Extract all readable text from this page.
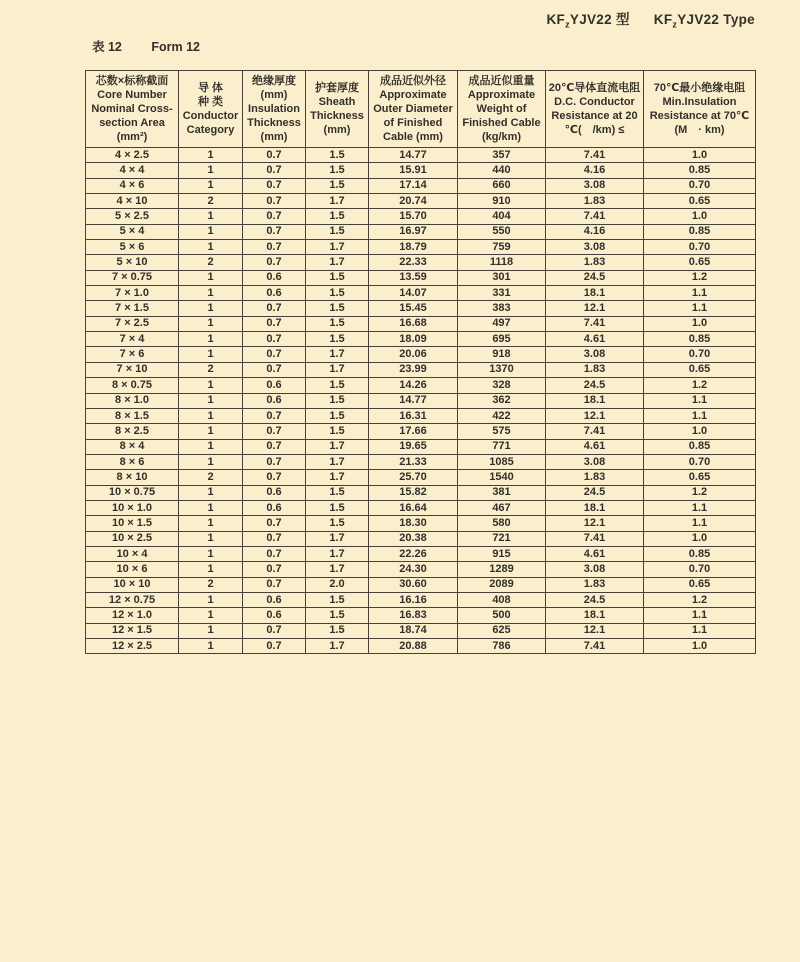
$KF_zYJV22$ 型 $KF_zYJV22$ Type
表 12 Form 12
芯数×标称截面
Core Number
Nominal Cross-
section Area
(mm²)

导 体
种 类
Conductor
Category

绝缘厚度
(mm)
Insulation
Thickness
(mm)

护套厚度
Sheath
Thickness
(mm)

成品近似外径
Approximate
Outer Diameter
of Finished
Cable (mm)

成品近似重量
Approximate
Weight of
Finished Cable
(kg/km)

20℃导体直流电阻
D.C. Conductor
Resistance at 20
℃(　/km) ≤

70℃最小绝缘电阻
Min.Insulation
Resistance at 70℃
(M　· km)

4 × 2.5	1	0.7	1.5	14.77	357	7.41	1.0
4 × 4	1	0.7	1.5	15.91	440	4.16	0.85
4 × 6	1	0.7	1.5	17.14	660	3.08	0.70
4 × 10	2	0.7	1.7	20.74	910	1.83	0.65
5 × 2.5	1	0.7	1.5	15.70	404	7.41	1.0
5 × 4	1	0.7	1.5	16.97	550	4.16	0.85
5 × 6	1	0.7	1.7	18.79	759	3.08	0.70
5 × 10	2	0.7	1.7	22.33	1118	1.83	0.65
7 × 0.75	1	0.6	1.5	13.59	301	24.5	1.2
7 × 1.0	1	0.6	1.5	14.07	331	18.1	1.1
7 × 1.5	1	0.7	1.5	15.45	383	12.1	1.1
7 × 2.5	1	0.7	1.5	16.68	497	7.41	1.0
7 × 4	1	0.7	1.5	18.09	695	4.61	0.85
7 × 6	1	0.7	1.7	20.06	918	3.08	0.70
7 × 10	2	0.7	1.7	23.99	1370	1.83	0.65
8 × 0.75	1	0.6	1.5	14.26	328	24.5	1.2
8 × 1.0	1	0.6	1.5	14.77	362	18.1	1.1
8 × 1.5	1	0.7	1.5	16.31	422	12.1	1.1
8 × 2.5	1	0.7	1.5	17.66	575	7.41	1.0
8 × 4	1	0.7	1.7	19.65	771	4.61	0.85
8 × 6	1	0.7	1.7	21.33	1085	3.08	0.70
8 × 10	2	0.7	1.7	25.70	1540	1.83	0.65
10 × 0.75	1	0.6	1.5	15.82	381	24.5	1.2
10 × 1.0	1	0.6	1.5	16.64	467	18.1	1.1
10 × 1.5	1	0.7	1.5	18.30	580	12.1	1.1
10 × 2.5	1	0.7	1.7	20.38	721	7.41	1.0
10 × 4	1	0.7	1.7	22.26	915	4.61	0.85
10 × 6	1	0.7	1.7	24.30	1289	3.08	0.70
10 × 10	2	0.7	2.0	30.60	2089	1.83	0.65
12 × 0.75	1	0.6	1.5	16.16	408	24.5	1.2
12 × 1.0	1	0.6	1.5	16.83	500	18.1	1.1
12 × 1.5	1	0.7	1.5	18.74	625	12.1	1.1
12 × 2.5	1	0.7	1.7	20.88	786	7.41	1.0
